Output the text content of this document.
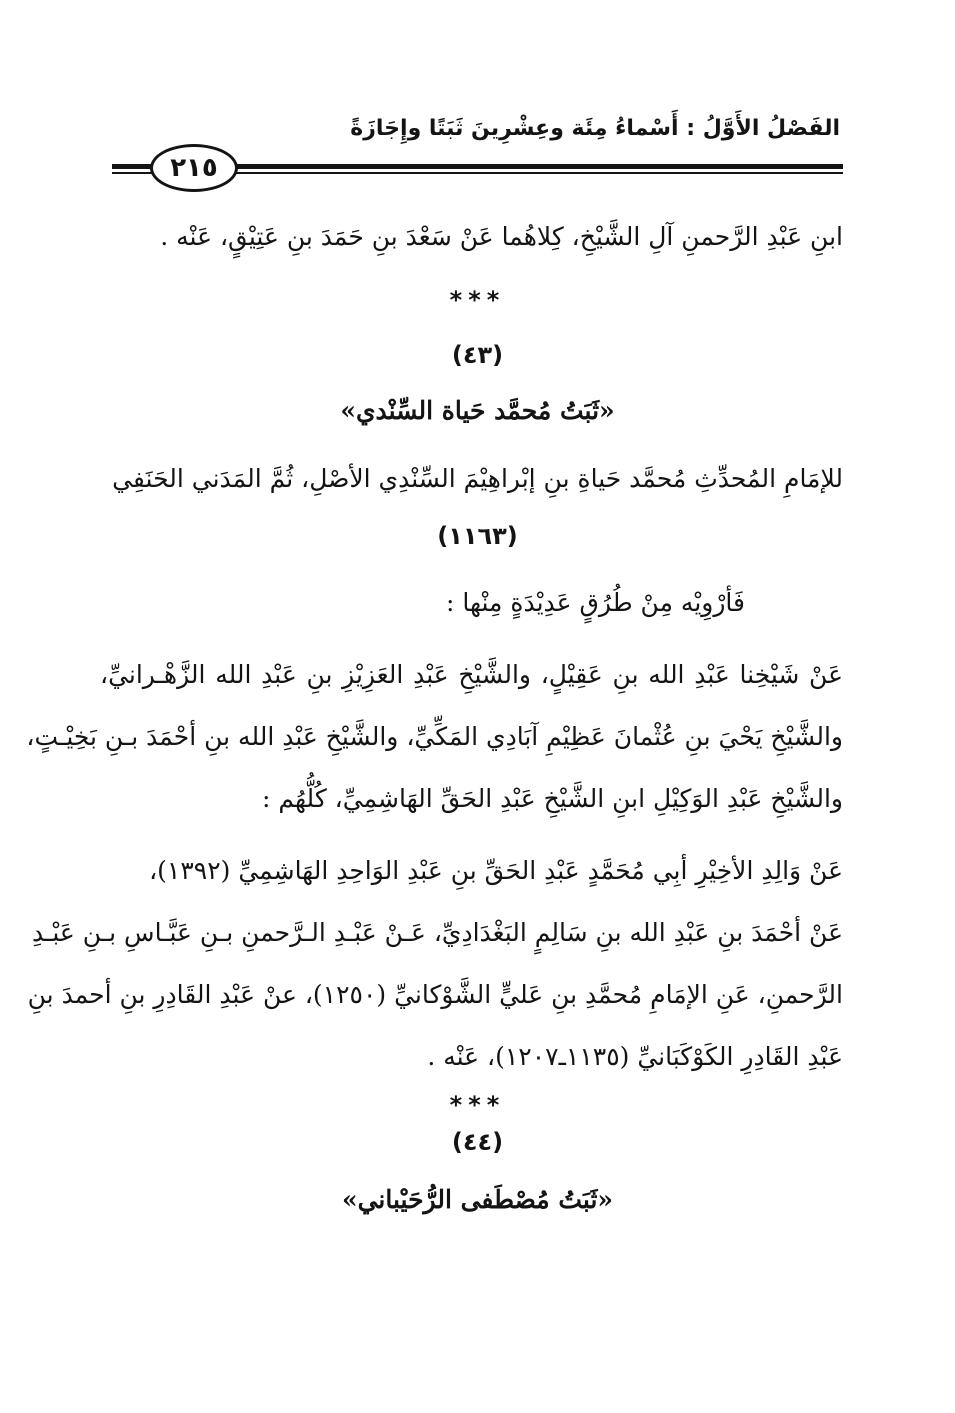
الفَصْلُ الأَوَّلُ : أَسْماءُ مِئَة وعِشْرِينَ ثَبَتًا وإِجَازَةً
٢١٥
ابنِ عَبْدِ الرَّحمنِ آلِ الشَّيْخِ، كِلاهُما عَنْ سَعْدَ بنِ حَمَدَ بنِ عَتِيْقٍ، عَنْه .
***
(٤٣)
«ثَبَتُ مُحمَّد حَياة السِّنْدي»
للإمَامِ المُحدِّثِ مُحمَّد حَياةِ بنِ إبْراهِيْمَ السِّنْدِي الأصْلِ، ثُمَّ المَدَني الحَنَفِي
(١١٦٣)
فَأرْوِيْه مِنْ طُرُقٍ عَدِيْدَةٍ مِنْها :
عَنْ شَيْخِنا عَبْدِ الله بنِ عَقِيْلٍ، والشَّيْخِ عَبْدِ العَزِيْزِ بنِ عَبْدِ الله الزَّهْـرانيِّ،
والشَّيْخِ يَحْيَ بنِ عُثْمانَ عَظِيْمِ آبَادِي المَكِّيِّ، والشَّيْخِ عَبْدِ الله بنِ أحْمَدَ بـنِ بَخِيْـتٍ،
والشَّيْخِ عَبْدِ الوَكِيْلِ ابنِ الشَّيْخِ عَبْدِ الحَقِّ الهَاشِمِيِّ، كُلُّهُم :
عَنْ وَالِدِ الأخِيْرِ أبِي مُحَمَّدٍ عَبْدِ الحَقِّ بنِ عَبْدِ الوَاحِدِ الهَاشِمِيِّ (١٣٩٢)،
عَنْ أحْمَدَ بنِ عَبْدِ الله بنِ سَالِمٍ البَغْدَادِيِّ، عَـنْ عَبْـدِ الـرَّحمنِ بـنِ عَبَّـاسِ بـنِ عَبْـدِ
الرَّحمنِ، عَنِ الإمَامِ مُحمَّدِ بنِ عَليٍّ الشَّوْكانيِّ (١٢٥٠)، عنْ عَبْدِ القَادِرِ بنِ أحمدَ بنِ
عَبْدِ القَادِرِ الكَوْكَبَانيِّ (١١٣٥ـ١٢٠٧)، عَنْه .
***
(٤٤)
«ثَبَتُ مُصْطَفى الرُّحَيْباني»
